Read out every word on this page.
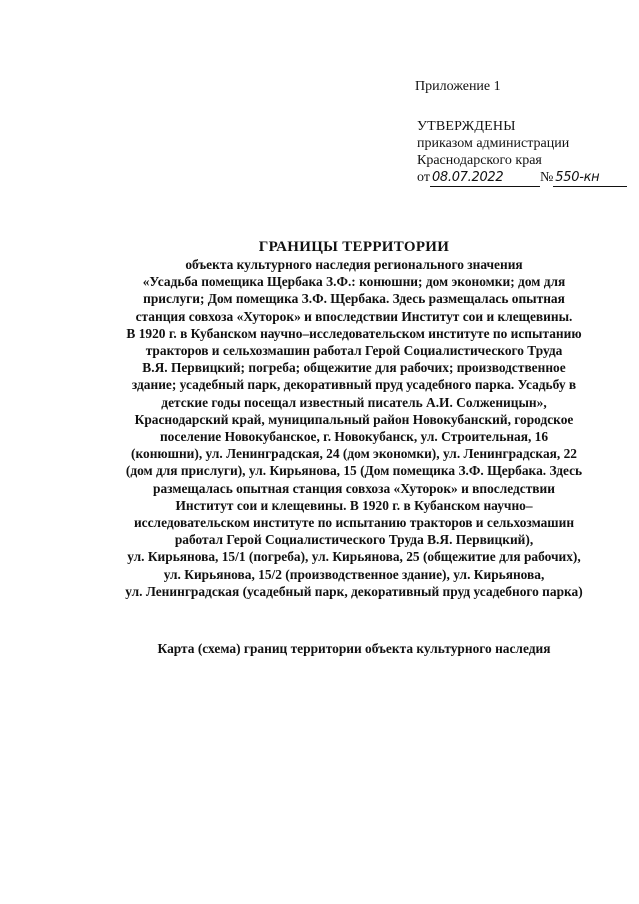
Приложение 1
УТВЕРЖДЕНЫ
приказом администрации
Краснодарского края
от 08.07.2022	№ 550-кн
ГРАНИЦЫ ТЕРРИТОРИИ
объекта культурного наследия регионального значения
«Усадьба помещика Щербака З.Ф.: конюшни; дом экономки; дом для
прислуги; Дом помещика З.Ф. Щербака. Здесь размещалась опытная
станция совхоза «Хуторок» и впоследствии Институт сои и клещевины.
В 1920 г. в Кубанском научно–исследовательском институте по испытанию
тракторов и сельхозмашин работал Герой Социалистического Труда
В.Я. Первицкий; погреба; общежитие для рабочих; производственное
здание; усадебный парк, декоративный пруд усадебного парка. Усадьбу в
детские годы посещал известный писатель А.И. Солженицын»,
Краснодарский край, муниципальный район Новокубанский, городское
поселение Новокубанское, г. Новокубанск, ул. Строительная, 16
(конюшни), ул. Ленинградская, 24 (дом экономки), ул. Ленинградская, 22
(дом для прислуги), ул. Кирьянова, 15 (Дом помещика З.Ф. Щербака. Здесь
размещалась опытная станция совхоза «Хуторок» и впоследствии
Институт сои и клещевины. В 1920 г. в Кубанском научно–
исследовательском институте по испытанию тракторов и сельхозмашин
работал Герой Социалистического Труда В.Я. Первицкий),
ул. Кирьянова, 15/1 (погреба), ул. Кирьянова, 25 (общежитие для рабочих),
ул. Кирьянова, 15/2 (производственное здание), ул. Кирьянова,
ул. Ленинградская (усадебный парк, декоративный пруд усадебного парка)
Карта (схема) границ территории объекта культурного наследия
